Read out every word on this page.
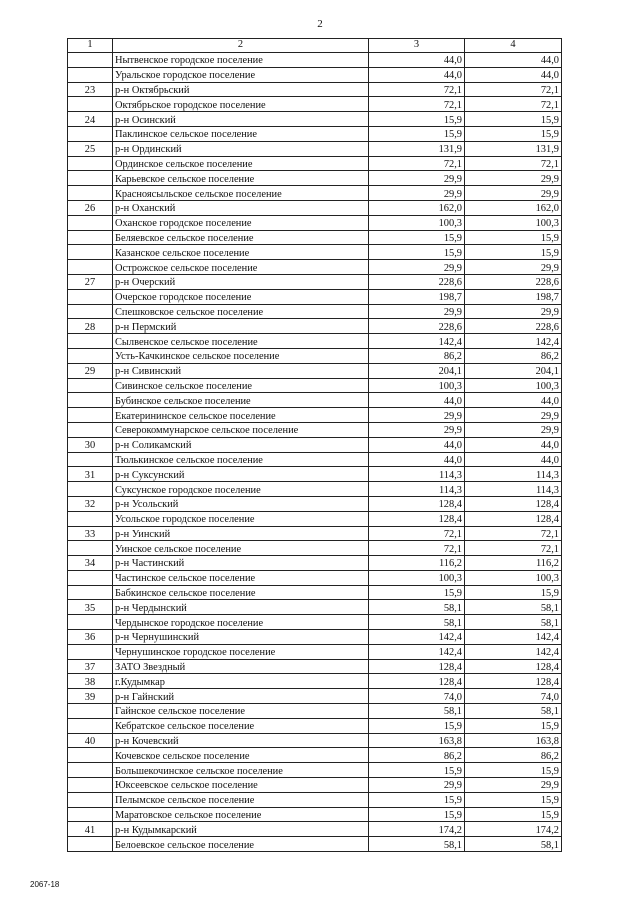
2
1	2	3	4
	Нытвенское городское поселение	44,0	44,0
	Уральское городское поселение	44,0	44,0
23	р-н Октябрьский	72,1	72,1
	Октябрьское городское поселение	72,1	72,1
24	р-н Осинский	15,9	15,9
	Паклинское сельское поселение	15,9	15,9
25	р-н Ординский	131,9	131,9
	Ординское сельское поселение	72,1	72,1
	Карьевское сельское поселение	29,9	29,9
	Красноясыльское сельское поселение	29,9	29,9
26	р-н Оханский	162,0	162,0
	Оханское городское поселение	100,3	100,3
	Беляевское сельское поселение	15,9	15,9
	Казанское сельское поселение	15,9	15,9
	Острожское сельское поселение	29,9	29,9
27	р-н Очерский	228,6	228,6
	Очерское городское поселение	198,7	198,7
	Спешковское сельское поселение	29,9	29,9
28	р-н Пермский	228,6	228,6
	Сылвенское сельское поселение	142,4	142,4
	Усть-Качкинское сельское поселение	86,2	86,2
29	р-н Сивинский	204,1	204,1
	Сивинское сельское поселение	100,3	100,3
	Бубинское сельское поселение	44,0	44,0
	Екатерининское сельское поселение	29,9	29,9
	Северокоммунарское сельское поселение	29,9	29,9
30	р-н Соликамский	44,0	44,0
	Тюлькинское сельское поселение	44,0	44,0
31	р-н Суксунский	114,3	114,3
	Суксунское городское поселение	114,3	114,3
32	р-н Усольский	128,4	128,4
	Усольское городское поселение	128,4	128,4
33	р-н Уинский	72,1	72,1
	Уинское сельское поселение	72,1	72,1
34	р-н Частинский	116,2	116,2
	Частинское сельское поселение	100,3	100,3
	Бабкинское сельское поселение	15,9	15,9
35	р-н Чердынский	58,1	58,1
	Чердынское городское поселение	58,1	58,1
36	р-н Чернушинский	142,4	142,4
	Чернушинское городское поселение	142,4	142,4
37	ЗАТО Звездный	128,4	128,4
38	г.Кудымкар	128,4	128,4
39	р-н Гайнский	74,0	74,0
	Гайнское сельское поселение	58,1	58,1
	Кебратское сельское поселение	15,9	15,9
40	р-н Кочевский	163,8	163,8
	Кочевское сельское поселение	86,2	86,2
	Большекочинское сельское поселение	15,9	15,9
	Юксеевское сельское поселение	29,9	29,9
	Пелымское сельское поселение	15,9	15,9
	Маратовское сельское поселение	15,9	15,9
41	р-н Кудымкарский	174,2	174,2
	Белоевское сельское поселение	58,1	58,1
2067-18
